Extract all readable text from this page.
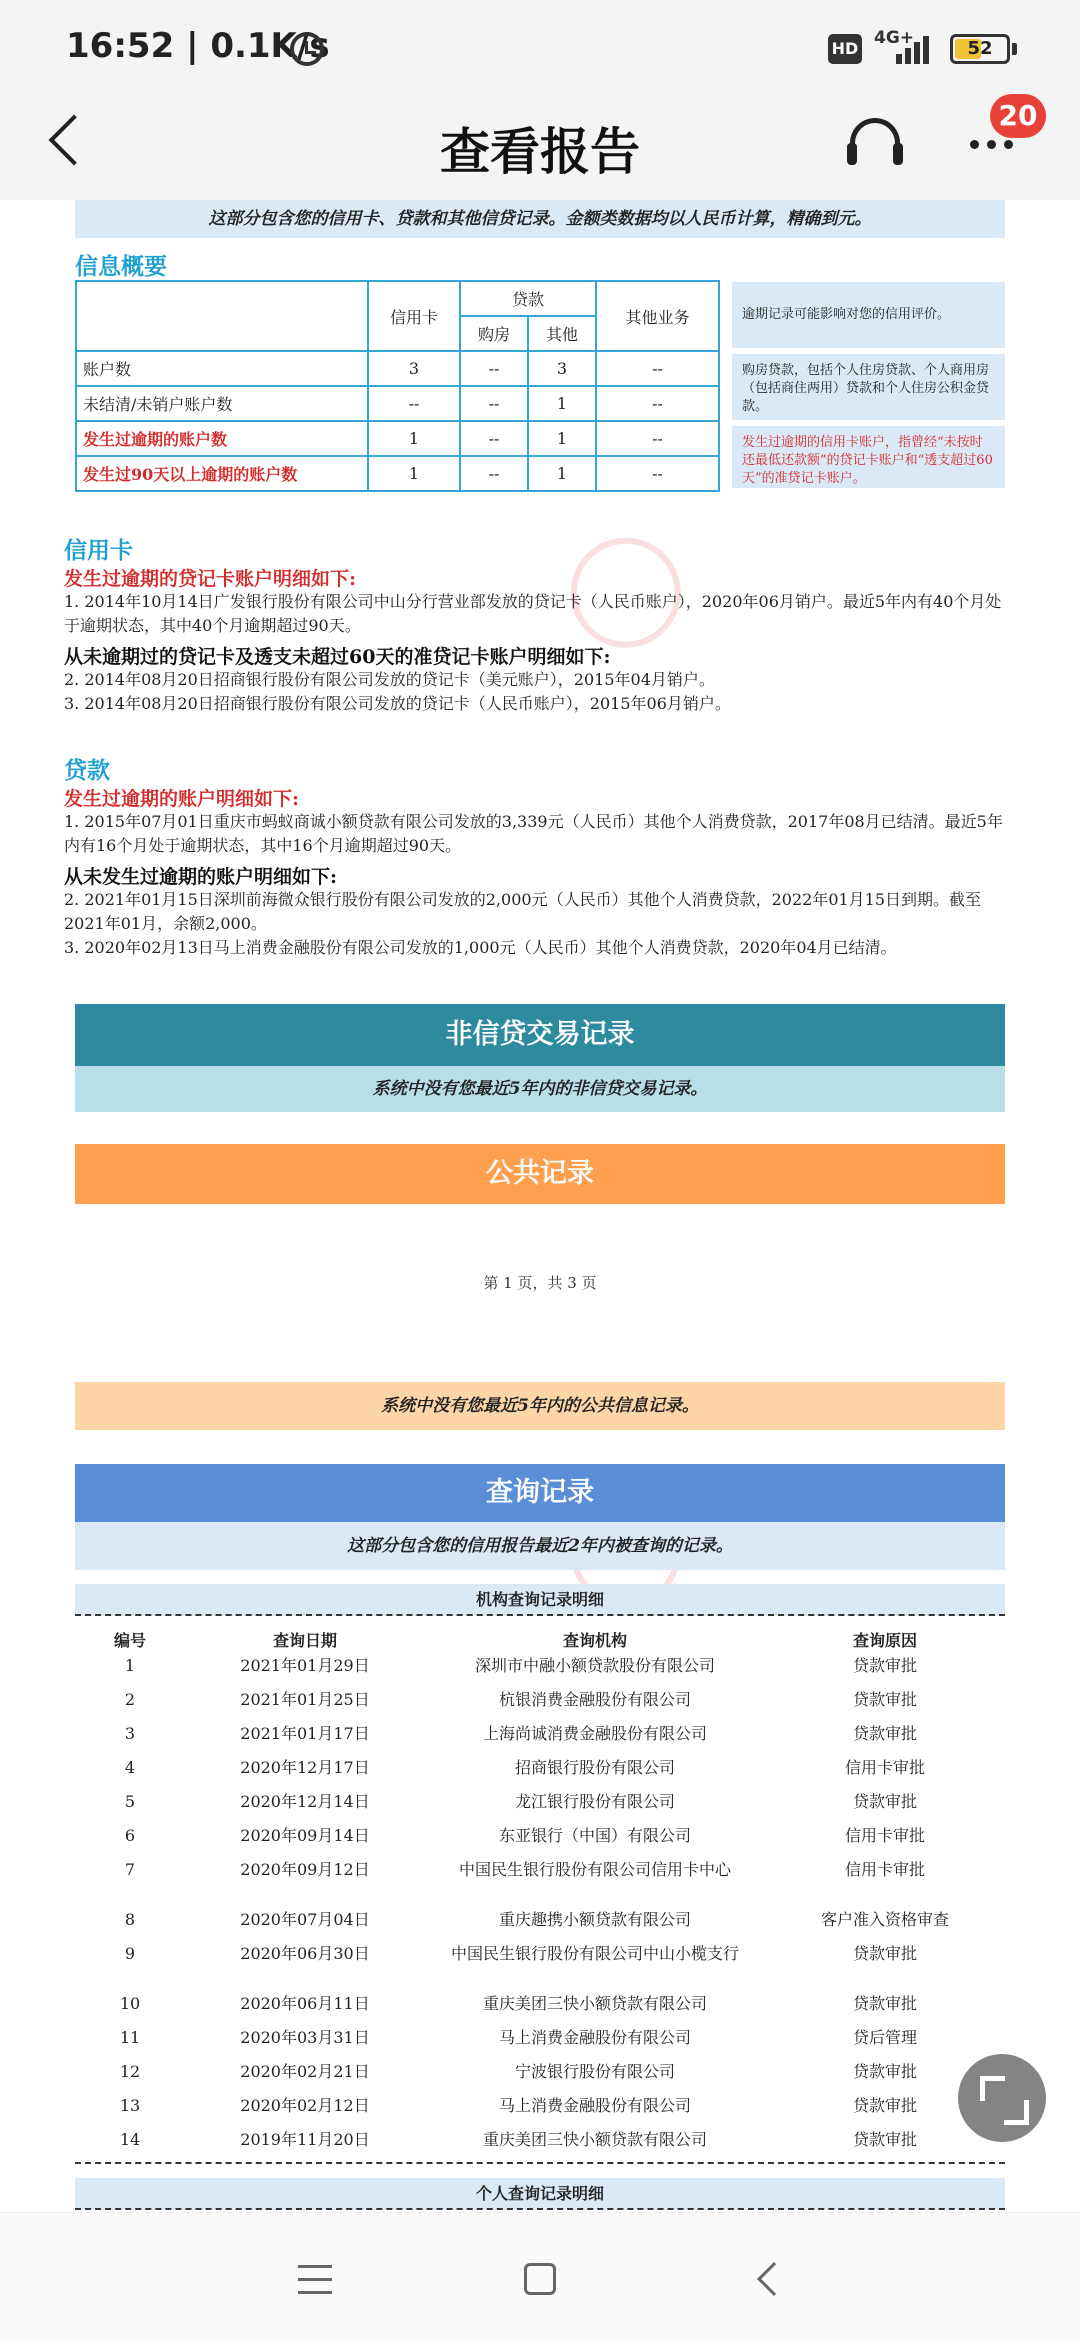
16:52 | 0.1K/s	HD
4G+	52
查看报告
20
这部分包含您的信用卡、贷款和其他信贷记录。金额类数据均以人民币计算，精确到元。
信息概要
	信用卡	贷款		其他业务
		购房	其他	
账户数	3	--	3	--
未结清/未销户账户数	--	--	1	--
发生过逾期的账户数	1	--	1	--
发生过90天以上逾期的账户数	1	--	1	--
逾期记录可能影响对您的信用评价。
购房贷款，包括个人住房贷款、个人商用房（包括商住两用）贷款和个人住房公积金贷款。
发生过逾期的信用卡账户，指曾经“未按时还最低还款额”的贷记卡账户和“透支超过60天”的准贷记卡账户。
信用卡
发生过逾期的贷记卡账户明细如下:
1. 2014年10月14日广发银行股份有限公司中山分行营业部发放的贷记卡（人民币账户），2020年06月销户。最近5年内有40个月处于逾期状态，其中40个月逾期超过90天。
从未逾期过的贷记卡及透支未超过60天的准贷记卡账户明细如下:
2. 2014年08月20日招商银行股份有限公司发放的贷记卡（美元账户），2015年04月销户。
3. 2014年08月20日招商银行股份有限公司发放的贷记卡（人民币账户），2015年06月销户。
贷款
发生过逾期的账户明细如下:
1. 2015年07月01日重庆市蚂蚁商诚小额贷款有限公司发放的3,339元（人民币）其他个人消费贷款，2017年08月已结清。最近5年内有16个月处于逾期状态，其中16个月逾期超过90天。
从未发生过逾期的账户明细如下:
2. 2021年01月15日深圳前海微众银行股份有限公司发放的2,000元（人民币）其他个人消费贷款，2022年01月15日到期。截至2021年01月，余额2,000。
3. 2020年02月13日马上消费金融股份有限公司发放的1,000元（人民币）其他个人消费贷款，2020年04月已结清。
非信贷交易记录
系统中没有您最近5年内的非信贷交易记录。
公共记录
第 1 页，共 3 页
系统中没有您最近5年内的公共信息记录。
查询记录
这部分包含您的信用报告最近2年内被查询的记录。
机构查询记录明细
编号	查询日期	查询机构	查询原因
1	2021年01月29日	深圳市中融小额贷款股份有限公司	贷款审批
2	2021年01月25日	杭银消费金融股份有限公司	贷款审批
3	2021年01月17日	上海尚诚消费金融股份有限公司	贷款审批
4	2020年12月17日	招商银行股份有限公司	信用卡审批
5	2020年12月14日	龙江银行股份有限公司	贷款审批
6	2020年09月14日	东亚银行（中国）有限公司	信用卡审批
7	2020年09月12日	中国民生银行股份有限公司信用卡中心	信用卡审批
8	2020年07月04日	重庆趣携小额贷款有限公司	客户准入资格审查
9	2020年06月30日	中国民生银行股份有限公司中山小榄支行	贷款审批
10	2020年06月11日	重庆美团三快小额贷款有限公司	贷款审批
11	2020年03月31日	马上消费金融股份有限公司	贷后管理
12	2020年02月21日	宁波银行股份有限公司	贷款审批
13	2020年02月12日	马上消费金融股份有限公司	贷款审批
14	2019年11月20日	重庆美团三快小额贷款有限公司	贷款审批
个人查询记录明细
